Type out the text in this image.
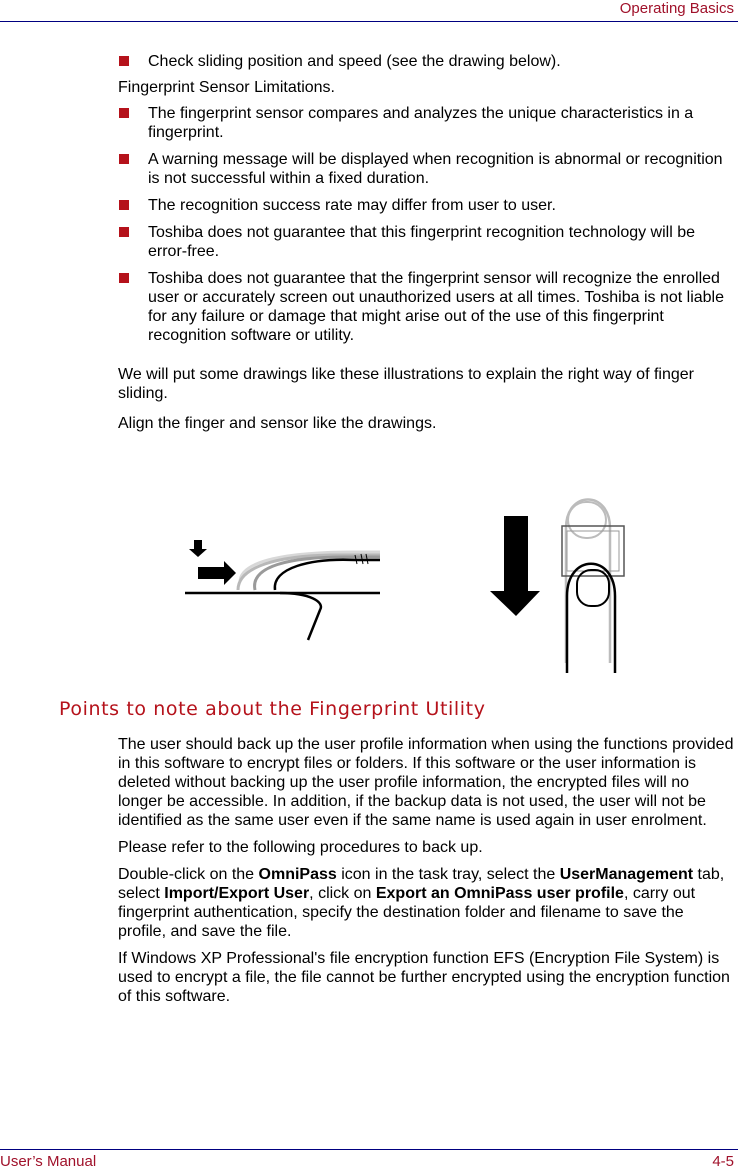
Operating Basics

Check sliding position and speed (see the drawing below).

Fingerprint Sensor Limitations.

The fingerprint sensor compares and analyzes the unique characteristics in a fingerprint.

A warning message will be displayed when recognition is abnormal or recognition is not successful within a fixed duration.

The recognition success rate may differ from user to user.

Toshiba does not guarantee that this fingerprint recognition technology will be error-free.

Toshiba does not guarantee that the fingerprint sensor will recognize the enrolled user or accurately screen out unauthorized users at all times. Toshiba is not liable for any failure or damage that might arise out of the use of this fingerprint recognition software or utility.

We will put some drawings like these illustrations to explain the right way of finger sliding.

Align the finger and sensor like the drawings.

Points to note about the Fingerprint Utility

The user should back up the user profile information when using the functions provided in this software to encrypt files or folders. If this software or the user information is deleted without backing up the user profile information, the encrypted files will no longer be accessible. In addition, if the backup data is not used, the user will not be identified as the same user even if the same name is used again in user enrolment.

Please refer to the following procedures to back up.

Double-click on the OmniPass icon in the task tray, select the UserManagement tab, select Import/Export User, click on Export an OmniPass user profile, carry out fingerprint authentication, specify the destination folder and filename to save the profile, and save the file.

If Windows XP Professional's file encryption function EFS (Encryption File System) is used to encrypt a file, the file cannot be further encrypted using the encryption function of this software.

User’s Manual	4-5
